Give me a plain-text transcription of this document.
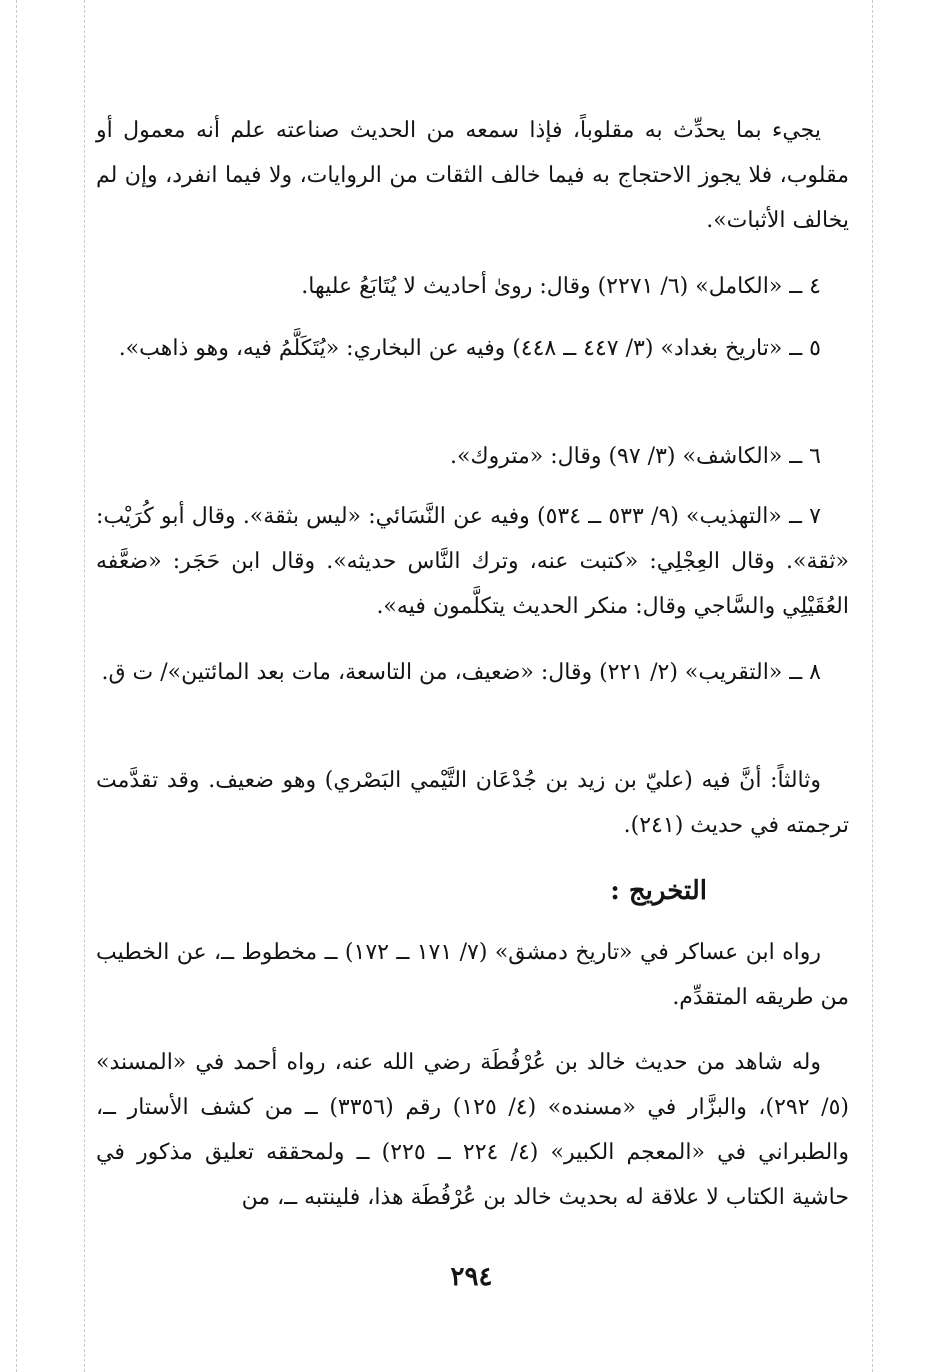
يجيء بما يحدِّث به مقلوباً، فإذا سمعه من الحديث صناعته علم أنه معمول أو مقلوب، فلا يجوز الاحتجاج به فيما خالف الثقات من الروايات، ولا فيما انفرد، وإن لم يخالف الأثبات».

٤ ــ «الكامل» (٦/ ٢٢٧١) وقال: روىٰ أحاديث لا يُتَابَعُ عليها.

٥ ــ «تاريخ بغداد» (٣/ ٤٤٧ ــ ٤٤٨) وفيه عن البخاري: «يُتَكَلَّمُ فيه، وهو ذاهب».

٦ ــ «الكاشف» (٣/ ٩٧) وقال: «متروك».

٧ ــ «التهذيب» (٩/ ٥٣٣ ــ ٥٣٤) وفيه عن النَّسَائي: «ليس بثقة». وقال أبو كُرَيْب: «ثقة». وقال العِجْلِي: «كتبت عنه، وترك النَّاس حديثه». وقال ابن حَجَر: «ضعَّفه العُقَيْلِي والسَّاجي وقال: منكر الحديث يتكلَّمون فيه».

٨ ــ «التقريب» (٢/ ٢٢١) وقال: «ضعيف، من التاسعة، مات بعد المائتين»/ ت ق.

وثالثاً: أنَّ فيه (عليّ بن زيد بن جُدْعَان التَّيْمي البَصْري) وهو ضعيف. وقد تقدَّمت ترجمته في حديث (٢٤١).

التخريج :

رواه ابن عساكر في «تاريخ دمشق» (٧/ ١٧١ ــ ١٧٢) ــ مخطوط ــ، عن الخطيب من طريقه المتقدِّم.

وله شاهد من حديث خالد بن عُرْفُطَة رضي الله عنه، رواه أحمد في «المسند» (٥/ ٢٩٢)، والبزَّار في «مسنده» (٤/ ١٢٥) رقم (٣٣٥٦) ــ من كشف الأستار ــ، والطبراني في «المعجم الكبير» (٤/ ٢٢٤ ــ ٢٢٥) ــ ولمحققه تعليق مذكور في حاشية الكتاب لا علاقة له بحديث خالد بن عُرْفُطَة هذا، فلينتبه ــ، من

٢٩٤
